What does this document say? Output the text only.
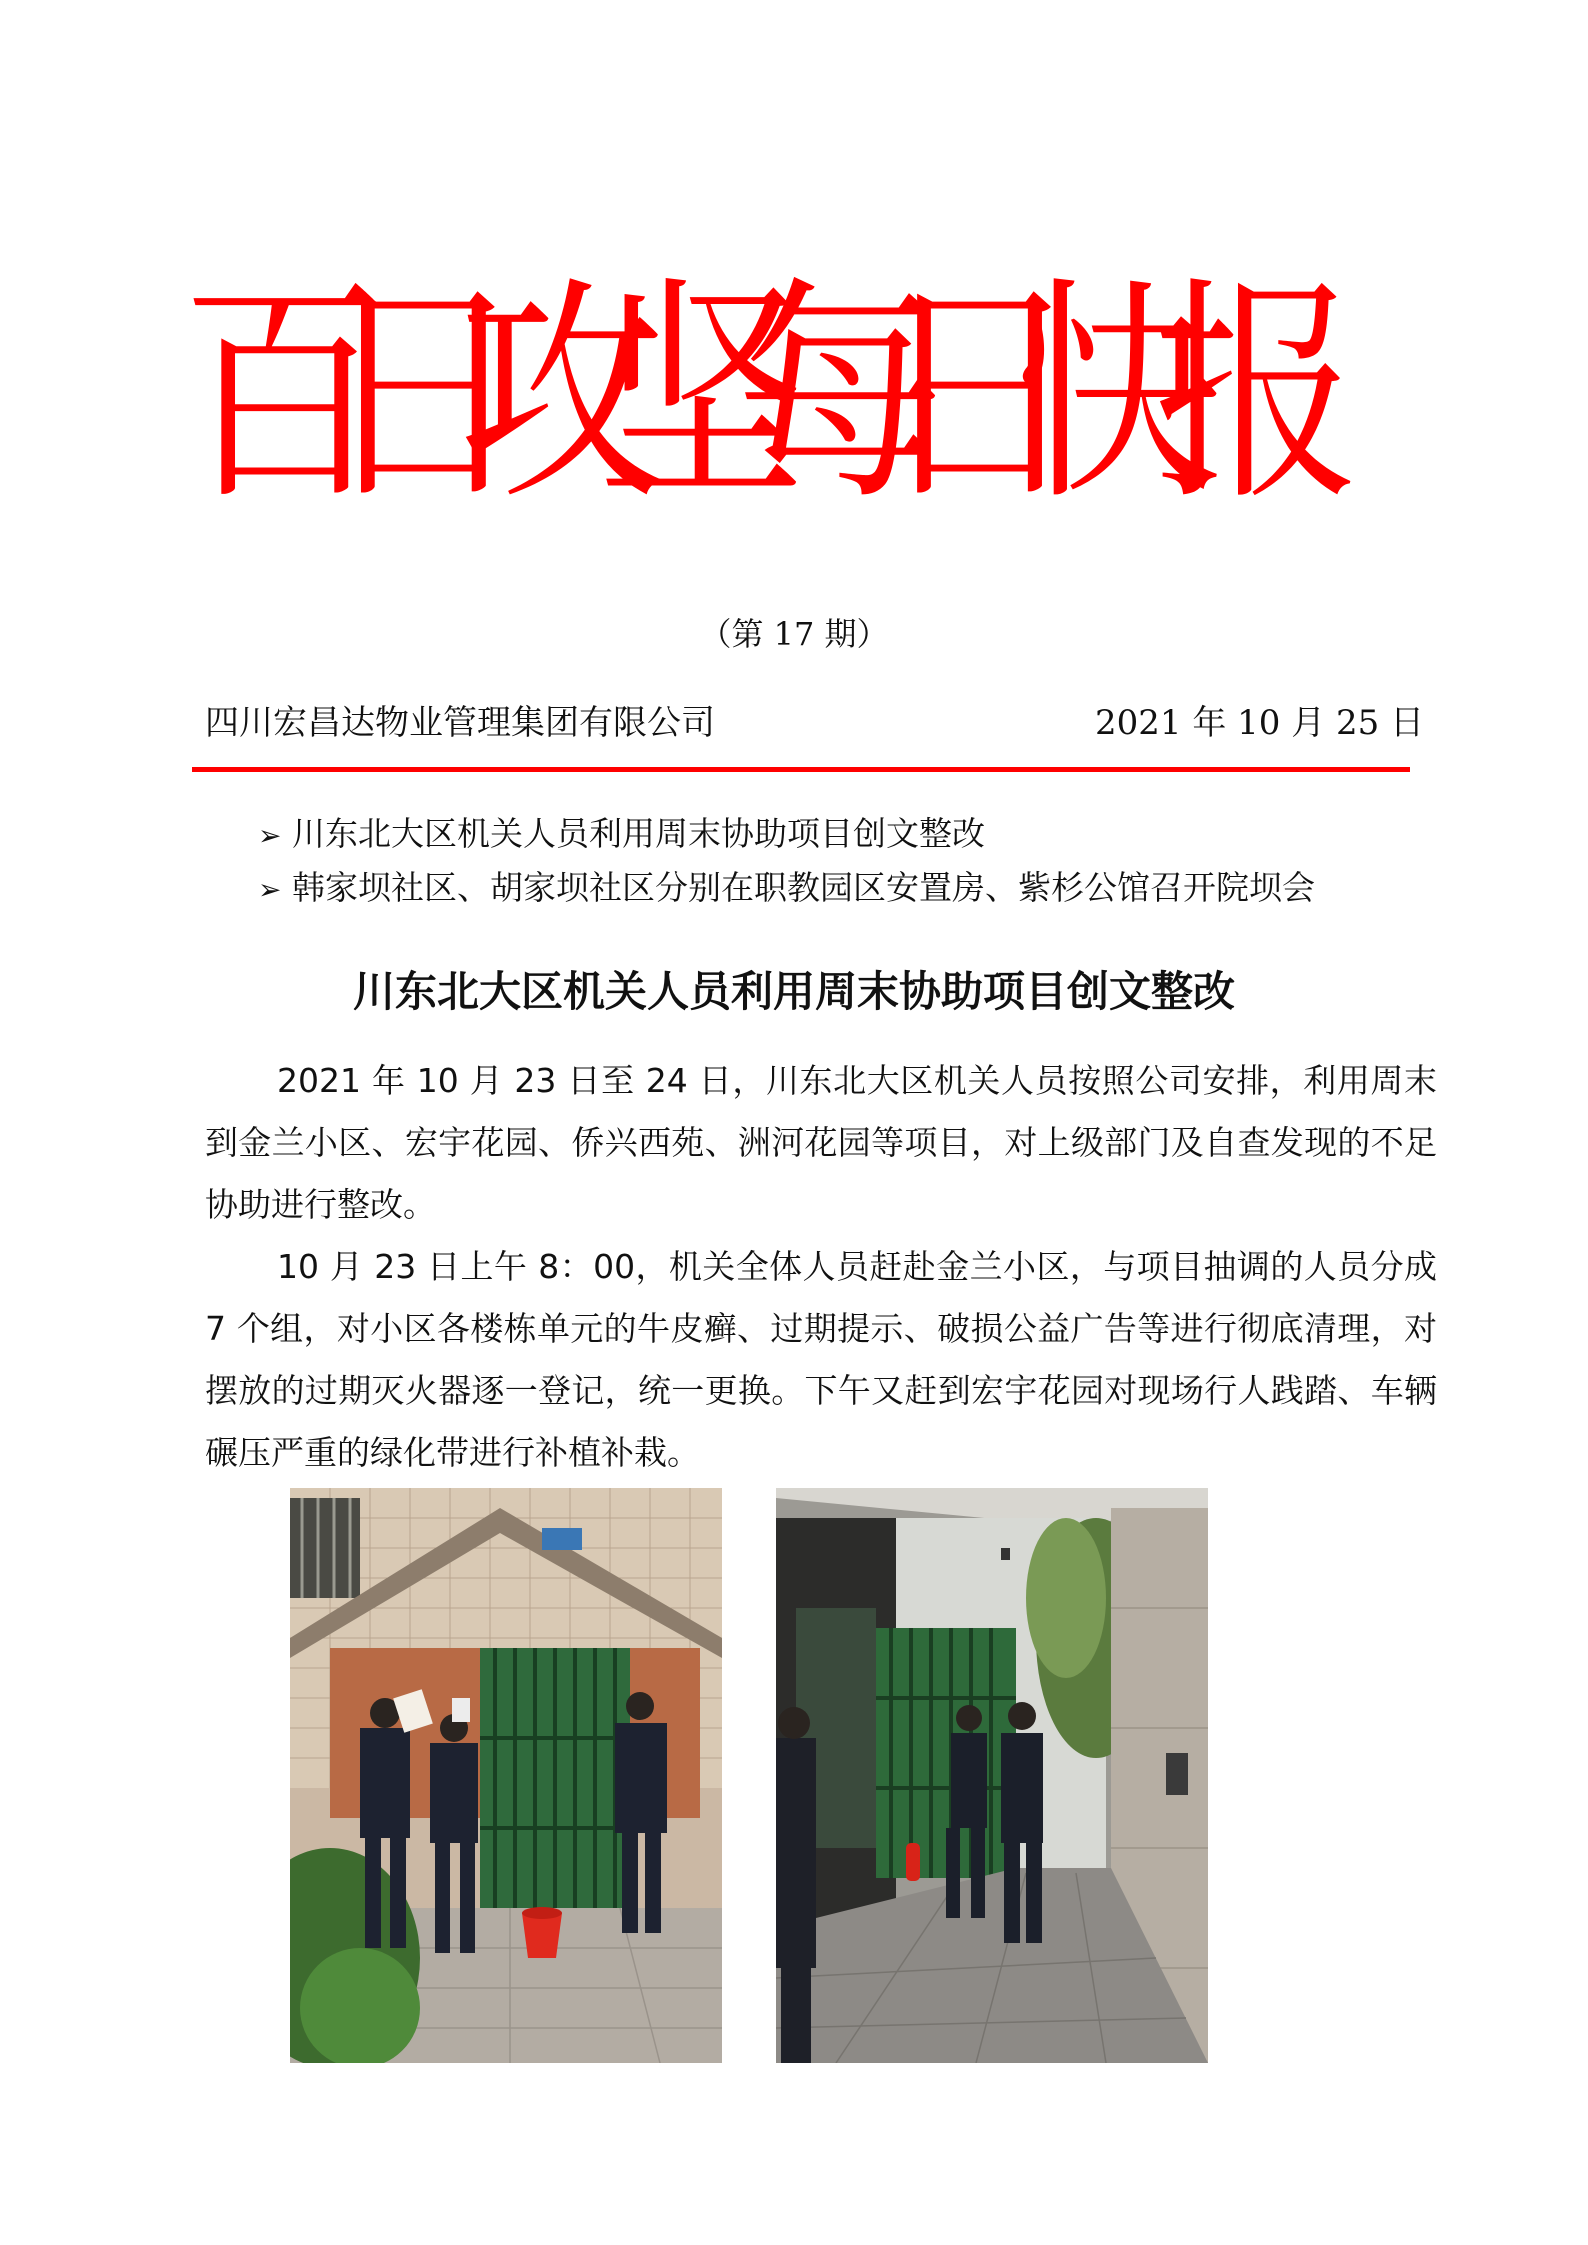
百日攻坚每日快报
（第 17 期）
四川宏昌达物业管理集团有限公司	2021 年 10 月 25 日
➢ 川东北大区机关人员利用周末协助项目创文整改
➢ 韩家坝社区、胡家坝社区分别在职教园区安置房、紫杉公馆召开院坝会
川东北大区机关人员利用周末协助项目创文整改

2021 年 10 月 23 日至 24 日，川东北大区机关人员按照公司安排，利用周末到金兰小区、宏宇花园、侨兴西苑、洲河花园等项目，对上级部门及自查发现的不足协助进行整改。

10 月 23 日上午 8：00，机关全体人员赶赴金兰小区，与项目抽调的人员分成 7 个组，对小区各楼栋单元的牛皮癣、过期提示、破损公益广告等进行彻底清理，对摆放的过期灭火器逐一登记，统一更换。下午又赶到宏宇花园对现场行人践踏、车辆碾压严重的绿化带进行补植补栽。
